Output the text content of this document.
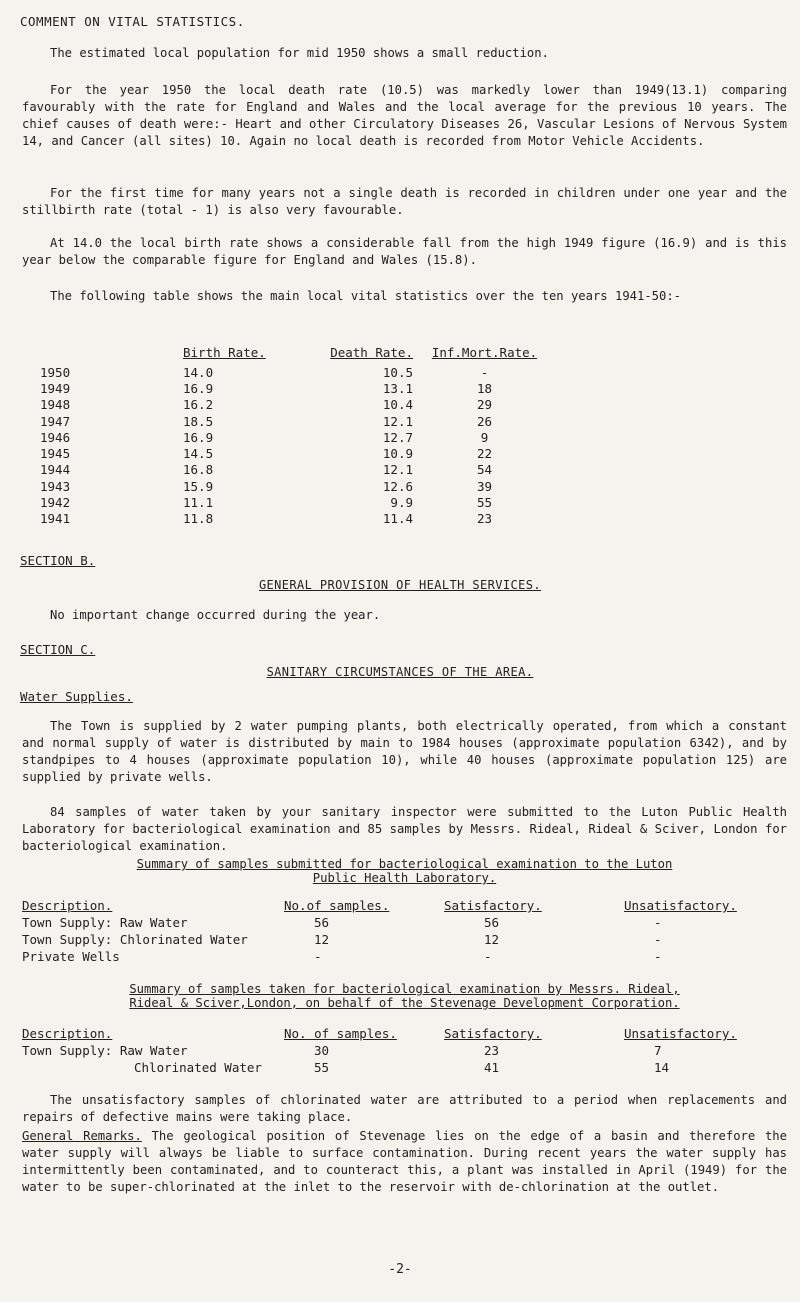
COMMENT ON VITAL STATISTICS.

The estimated local population for mid 1950 shows a small reduction.

For the year 1950 the local death rate (10.5) was markedly lower than 1949(13.1) comparing favourably with the rate for England and Wales and the local average for the previous 10 years. The chief causes of death were:- Heart and other Circulatory Diseases 26, Vascular Lesions of Nervous System 14, and Cancer (all sites) 10. Again no local death is recorded from Motor Vehicle Accidents.

For the first time for many years not a single death is recorded in children under one year and the stillbirth rate (total - 1) is also very favourable.

At 14.0 the local birth rate shows a considerable fall from the high 1949 figure (16.9) and is this year below the comparable figure for England and Wales (15.8).

The following table shows the main local vital statistics over the ten years 1941-50:-

	Birth Rate.	Death Rate.	Inf.Mort.Rate.
1950	14.0	10.5	-
1949	16.9	13.1	18
1948	16.2	10.4	29
1947	18.5	12.1	26
1946	16.9	12.7	9
1945	14.5	10.9	22
1944	16.8	12.1	54
1943	15.9	12.6	39
1942	11.1	9.9	55
1941	11.8	11.4	23
SECTION B.
GENERAL PROVISION OF HEALTH SERVICES.

No important change occurred during the year.

SECTION C.
SANITARY CIRCUMSTANCES OF THE AREA.
Water Supplies.

The Town is supplied by 2 water pumping plants, both electrically operated, from which a constant and normal supply of water is distributed by main to 1984 houses (approximate population 6342), and by standpipes to 4 houses (approximate population 10), while 40 houses (approximate population 125) are supplied by private wells.

84 samples of water taken by your sanitary inspector were submitted to the Luton Public Health Laboratory for bacteriological examination and 85 samples by Messrs. Rideal, Rideal & Sciver, London for bacteriological examination.

Summary of samples submitted for bacteriological examination to the Luton
Public Health Laboratory.
Description.	No.of samples.	Satisfactory.	Unsatisfactory.
Town Supply: Raw Water	56	56	-
Town Supply: Chlorinated Water	12	12	-
Private Wells	-	-	-
Summary of samples taken for bacteriological examination by Messrs. Rideal,
Rideal & Sciver,London, on behalf of the Stevenage Development Corporation.
Description.	No. of samples.	Satisfactory.	Unsatisfactory.
Town Supply: Raw Water	30	23	7
Chlorinated Water	55	41	14

The unsatisfactory samples of chlorinated water are attributed to a period when replacements and repairs of defective mains were taking place.

General Remarks. The geological position of Stevenage lies on the edge of a basin and therefore the water supply will always be liable to surface contamination. During recent years the water supply has intermittently been contaminated, and to counteract this, a plant was installed in April (1949) for the water to be super-chlorinated at the inlet to the reservoir with de-chlorination at the outlet.

-2-
